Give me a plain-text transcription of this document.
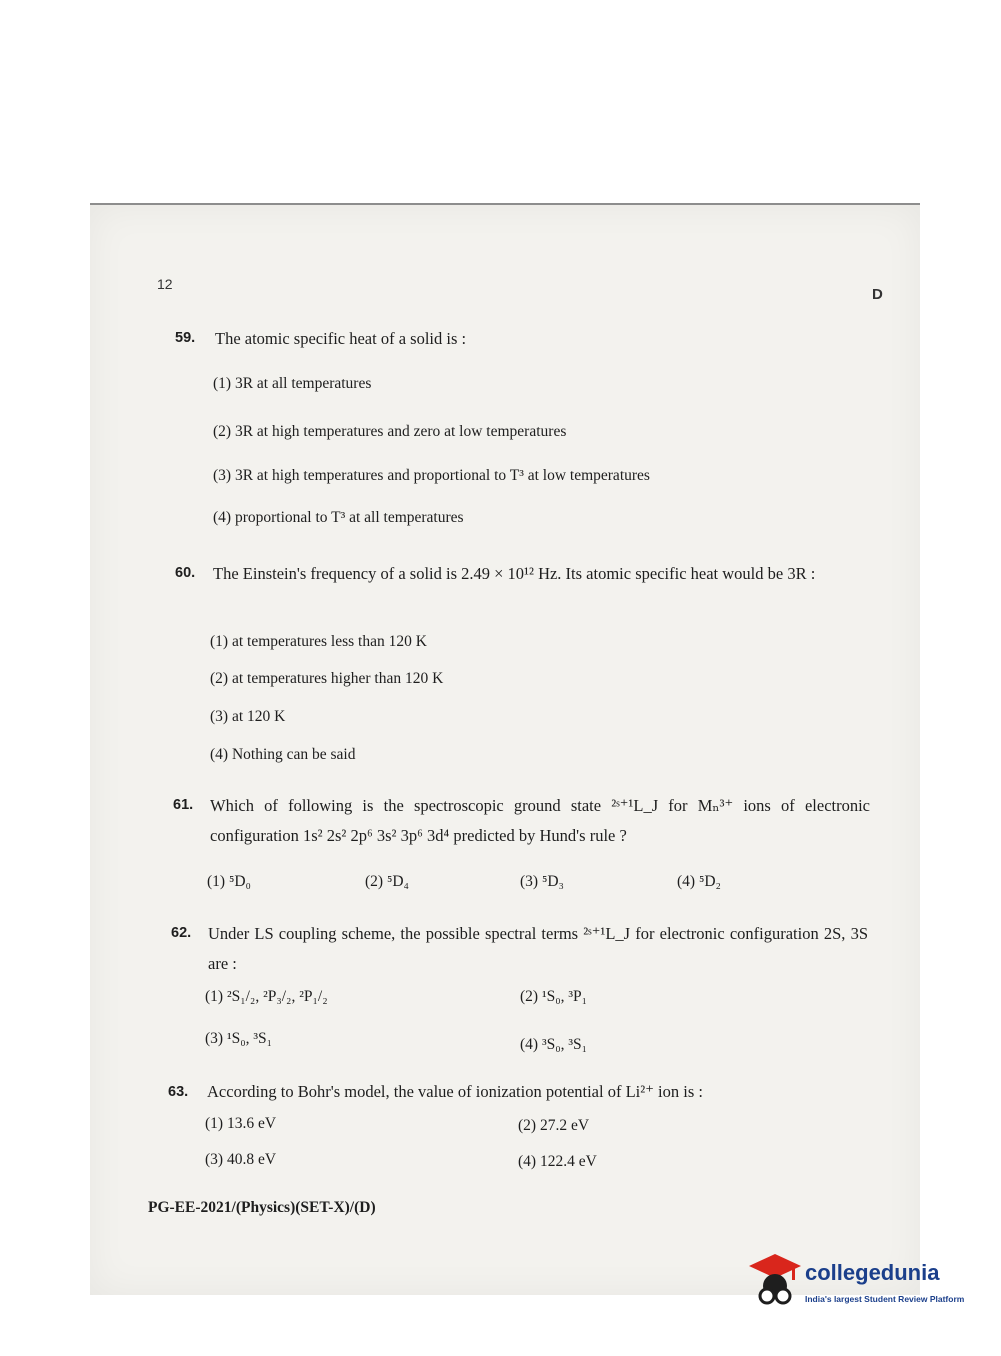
12
D
59. The atomic specific heat of a solid is :
(1) 3R at all temperatures
(2) 3R at high temperatures and zero at low temperatures
(3) 3R at high temperatures and proportional to T³ at low temperatures
(4) proportional to T³ at all temperatures
60. The Einstein's frequency of a solid is 2.49 × 10¹² Hz. Its atomic specific heat would be 3R :
(1) at temperatures less than 120 K
(2) at temperatures higher than 120 K
(3) at 120 K
(4) Nothing can be said
61. Which of following is the spectroscopic ground state ²ˢ⁺¹L_J for Mₙ³⁺ ions of electronic configuration 1s² 2s² 2p⁶ 3s² 3p⁶ 3d⁴ predicted by Hund's rule ?
(1) ⁵D₀	(2) ⁵D₄	(3) ⁵D₃	(4) ⁵D₂
62. Under LS coupling scheme, the possible spectral terms ²ˢ⁺¹L_J for electronic configuration 2S, 3S are :
(1) ²S₁/₂, ²P₃/₂, ²P₁/₂	(2) ¹S₀, ³P₁
(3) ¹S₀, ³S₁	(4) ³S₀, ³S₁
63. According to Bohr's model, the value of ionization potential of Li²⁺ ion is :
(1) 13.6 eV	(2) 27.2 eV
(3) 40.8 eV	(4) 122.4 eV
PG-EE-2021/(Physics)(SET-X)/(D)
collegedunia
India's largest Student Review Platform
